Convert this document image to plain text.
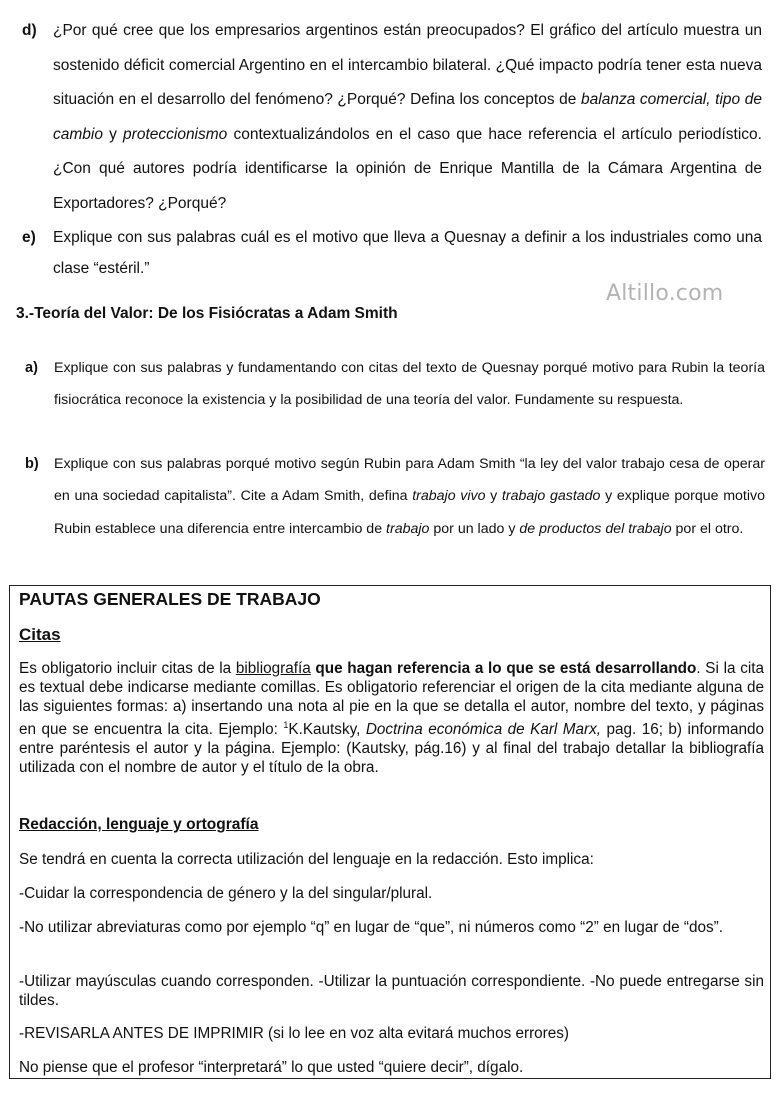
d)	¿Por qué cree que los empresarios argentinos están preocupados? El gráfico del artículo muestra un sostenido déficit comercial Argentino en el intercambio bilateral. ¿Qué impacto podría tener esta nueva situación en el desarrollo del fenómeno? ¿Porqué? Defina los conceptos de balanza comercial, tipo de cambio y proteccionismo contextualizándolos en el caso que hace referencia el artículo periodístico. ¿Con qué autores podría identificarse la opinión de Enrique Mantilla de la Cámara Argentina de Exportadores? ¿Porqué?
e)	Explique con sus palabras cuál es el motivo que lleva a Quesnay a definir a los industriales como una clase “estéril.”
Altillo.com
3.-Teoría del Valor: De los Fisiócratas a Adam Smith
a)	Explique con sus palabras y fundamentando con citas del texto de Quesnay porqué motivo para Rubin la teoría fisiocrática reconoce la existencia y la posibilidad de una teoría del valor. Fundamente su respuesta.
b)	Explique con sus palabras porqué motivo según Rubin para Adam Smith “la ley del valor trabajo cesa de operar en una sociedad capitalista”. Cite a Adam Smith, defina trabajo vivo y trabajo gastado y explique porque motivo Rubin establece una diferencia entre intercambio de trabajo por un lado y de productos del trabajo por el otro.
PAUTAS GENERALES DE TRABAJO
Citas
Es obligatorio incluir citas de la bibliografía que hagan referencia a lo que se está desarrollando. Si la cita es textual debe indicarse mediante comillas. Es obligatorio referenciar el origen de la cita mediante alguna de las siguientes formas: a) insertando una nota al pie en la que se detalla el autor, nombre del texto, y páginas en que se encuentra la cita. Ejemplo: $^1$K.Kautsky, Doctrina económica de Karl Marx, pag. 16; b) informando entre paréntesis el autor y la página. Ejemplo: (Kautsky, pág.16) y al final del trabajo detallar la bibliografía utilizada con el nombre de autor y el título de la obra.
Redacción, lenguaje y ortografía
Se tendrá en cuenta la correcta utilización del lenguaje en la redacción. Esto implica:
-Cuidar la correspondencia de género y la del singular/plural.
-No utilizar abreviaturas como por ejemplo “q” en lugar de “que”, ni números como “2” en lugar de “dos”.
-Utilizar mayúsculas cuando corresponden. -Utilizar la puntuación correspondiente. -No puede entregarse sin tildes.
-REVISARLA ANTES DE IMPRIMIR (si lo lee en voz alta evitará muchos errores)
No piense que el profesor “interpretará” lo que usted “quiere decir”, dígalo.
